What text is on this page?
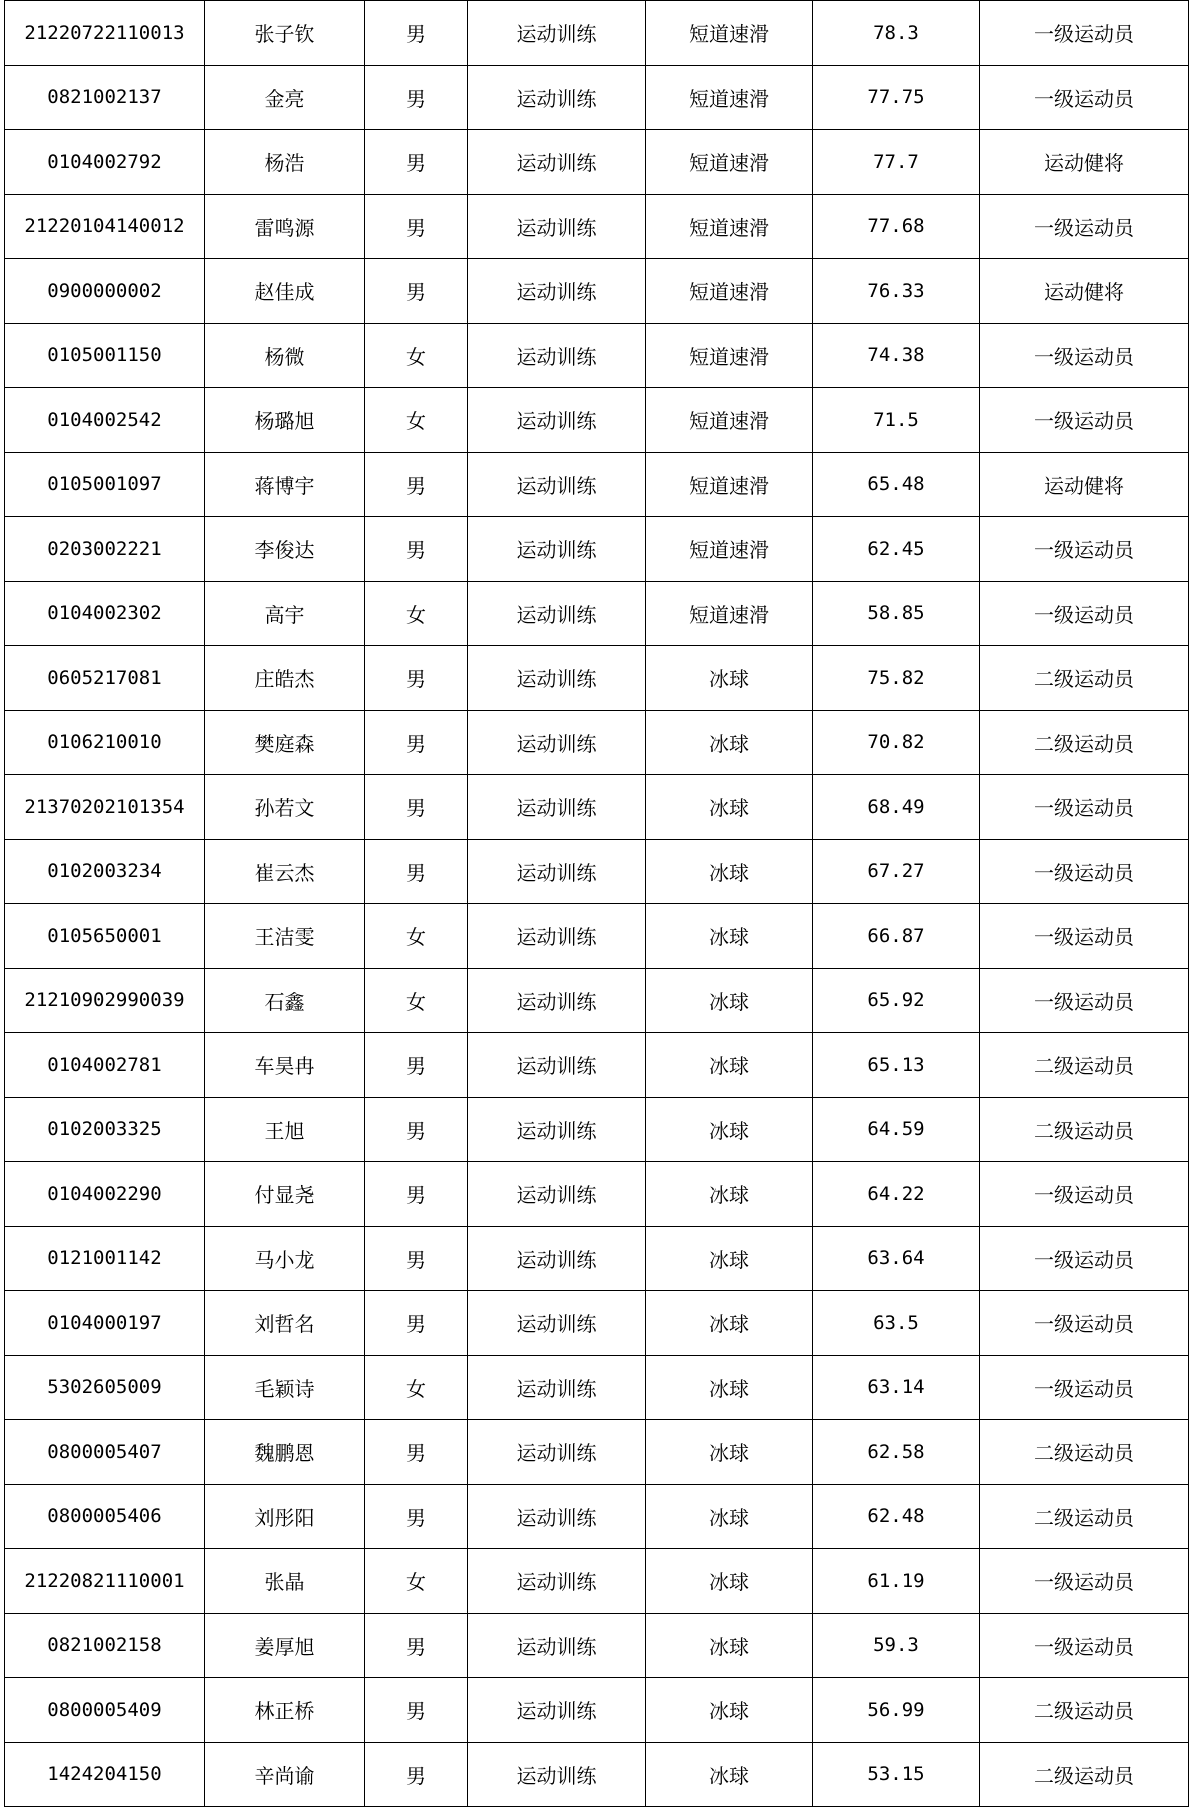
21220722110013	张子钦	男	运动训练	短道速滑	78.3	一级运动员
0821002137	金亮	男	运动训练	短道速滑	77.75	一级运动员
0104002792	杨浩	男	运动训练	短道速滑	77.7	运动健将
21220104140012	雷鸣源	男	运动训练	短道速滑	77.68	一级运动员
0900000002	赵佳成	男	运动训练	短道速滑	76.33	运动健将
0105001150	杨微	女	运动训练	短道速滑	74.38	一级运动员
0104002542	杨璐旭	女	运动训练	短道速滑	71.5	一级运动员
0105001097	蒋博宇	男	运动训练	短道速滑	65.48	运动健将
0203002221	李俊达	男	运动训练	短道速滑	62.45	一级运动员
0104002302	高宇	女	运动训练	短道速滑	58.85	一级运动员
0605217081	庄皓杰	男	运动训练	冰球	75.82	二级运动员
0106210010	樊庭森	男	运动训练	冰球	70.82	二级运动员
21370202101354	孙若文	男	运动训练	冰球	68.49	一级运动员
0102003234	崔云杰	男	运动训练	冰球	67.27	一级运动员
0105650001	王洁雯	女	运动训练	冰球	66.87	一级运动员
21210902990039	石鑫	女	运动训练	冰球	65.92	一级运动员
0104002781	车昊冉	男	运动训练	冰球	65.13	二级运动员
0102003325	王旭	男	运动训练	冰球	64.59	二级运动员
0104002290	付显尧	男	运动训练	冰球	64.22	一级运动员
0121001142	马小龙	男	运动训练	冰球	63.64	一级运动员
0104000197	刘哲名	男	运动训练	冰球	63.5	一级运动员
5302605009	毛颖诗	女	运动训练	冰球	63.14	一级运动员
0800005407	魏鹏恩	男	运动训练	冰球	62.58	二级运动员
0800005406	刘彤阳	男	运动训练	冰球	62.48	二级运动员
21220821110001	张晶	女	运动训练	冰球	61.19	一级运动员
0821002158	姜厚旭	男	运动训练	冰球	59.3	一级运动员
0800005409	林正桥	男	运动训练	冰球	56.99	二级运动员
1424204150	辛尚谕	男	运动训练	冰球	53.15	二级运动员
